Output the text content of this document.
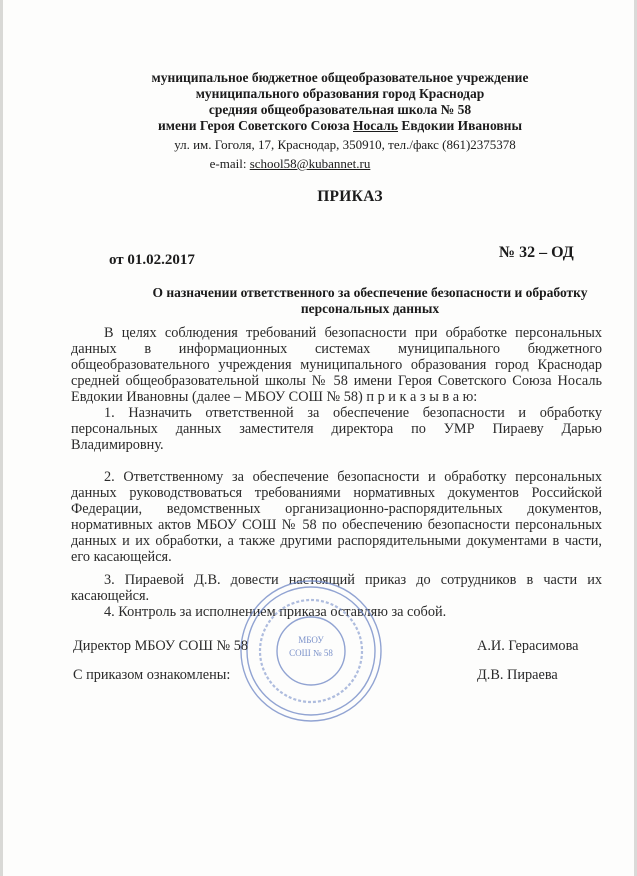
муниципальное бюджетное общеобразовательное учреждение
муниципального образования город Краснодар
средняя общеобразовательная школа № 58
имени Героя Советского Союза Носаль Евдокии Ивановны
ул. им. Гоголя, 17, Краснодар, 350910, тел./факс (861)2375378
e-mail: school58@kubannet.ru
ПРИКАЗ
от 01.02.2017	№ 32 – ОД
О назначении ответственного за обеспечение безопасности и обработку
персональных данных

В целях соблюдения требований безопасности при обработке персональных

данных в информационных системах муниципального бюджетного

общеобразовательного учреждения муниципального образования город Краснодар

средней общеобразовательной школы № 58 имени Героя Советского Союза Носаль

Евдокии Ивановны (далее – МБОУ СОШ № 58) п р и к а з ы в а ю:

1. Назначить ответственной за обеспечение безопасности и обработку

персональных данных заместителя директора по УМР Пираеву Дарью

Владимировну.

2. Ответственному за обеспечение безопасности и обработку персональных

данных руководствоваться требованиями нормативных документов Российской

Федерации, ведомственных организационно-распорядительных документов,

нормативных актов МБОУ СОШ № 58 по обеспечению безопасности персональных

данных и их обработки, а также другими распорядительными документами в части,

его касающейся.

3. Пираевой Д.В. довести настоящий приказ до сотрудников в части их

касающейся.

4. Контроль за исполнением приказа оставляю за собой.

МБОУ
СОШ № 58
Директор МБОУ СОШ № 58	А.И. Герасимова
С приказом ознакомлены:	Д.В. Пираева
